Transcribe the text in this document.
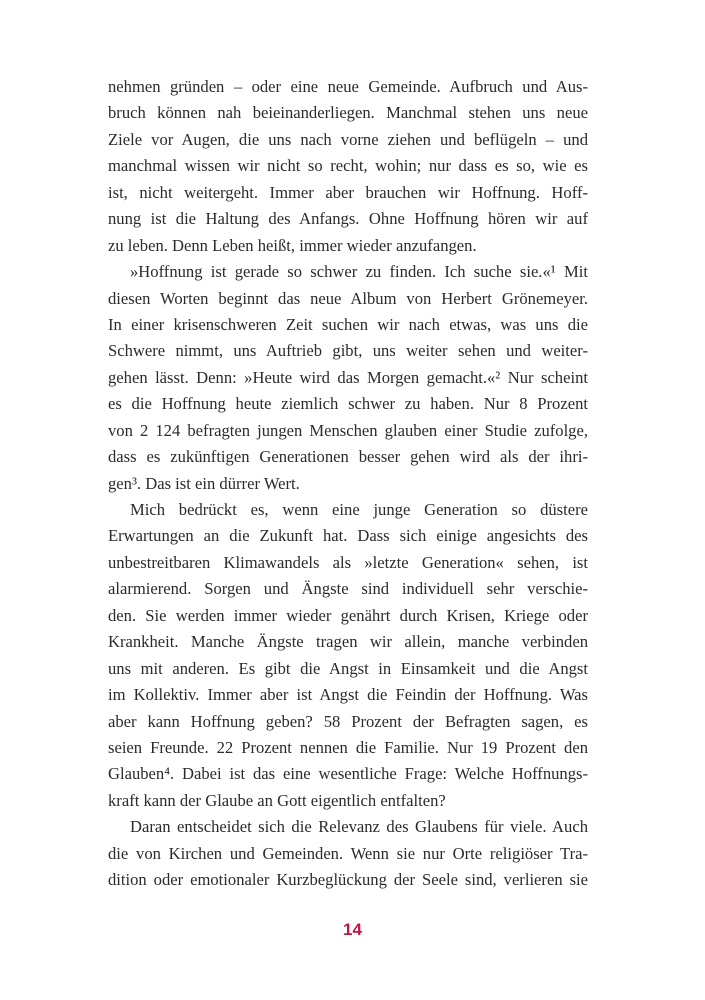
nehmen gründen – oder eine neue Gemeinde. Aufbruch und Aus-
bruch können nah beieinanderliegen. Manchmal stehen uns neue
Ziele vor Augen, die uns nach vorne ziehen und beflügeln – und
manchmal wissen wir nicht so recht, wohin; nur dass es so, wie es
ist, nicht weitergeht. Immer aber brauchen wir Hoffnung. Hoff-
nung ist die Haltung des Anfangs. Ohne Hoffnung hören wir auf
zu leben. Denn Leben heißt, immer wieder anzufangen.
»Hoffnung ist gerade so schwer zu finden. Ich suche sie.«¹ Mit
diesen Worten beginnt das neue Album von Herbert Grönemeyer.
In einer krisenschweren Zeit suchen wir nach etwas, was uns die
Schwere nimmt, uns Auftrieb gibt, uns weiter sehen und weiter-
gehen lässt. Denn: »Heute wird das Morgen gemacht.«² Nur scheint
es die Hoffnung heute ziemlich schwer zu haben. Nur 8 Prozent
von 2 124 befragten jungen Menschen glauben einer Studie zufolge,
dass es zukünftigen Generationen besser gehen wird als der ihri-
gen³. Das ist ein dürrer Wert.
Mich bedrückt es, wenn eine junge Generation so düstere
Erwartungen an die Zukunft hat. Dass sich einige angesichts des
unbestreitbaren Klimawandels als »letzte Generation« sehen, ist
alarmierend. Sorgen und Ängste sind individuell sehr verschie-
den. Sie werden immer wieder genährt durch Krisen, Kriege oder
Krankheit. Manche Ängste tragen wir allein, manche verbinden
uns mit anderen. Es gibt die Angst in Einsamkeit und die Angst
im Kollektiv. Immer aber ist Angst die Feindin der Hoffnung. Was
aber kann Hoffnung geben? 58 Prozent der Befragten sagen, es
seien Freunde. 22 Prozent nennen die Familie. Nur 19 Prozent den
Glauben⁴. Dabei ist das eine wesentliche Frage: Welche Hoffnungs-
kraft kann der Glaube an Gott eigentlich entfalten?
Daran entscheidet sich die Relevanz des Glaubens für viele. Auch
die von Kirchen und Gemeinden. Wenn sie nur Orte religiöser Tra-
dition oder emotionaler Kurzbeglückung der Seele sind, verlieren sie
14
